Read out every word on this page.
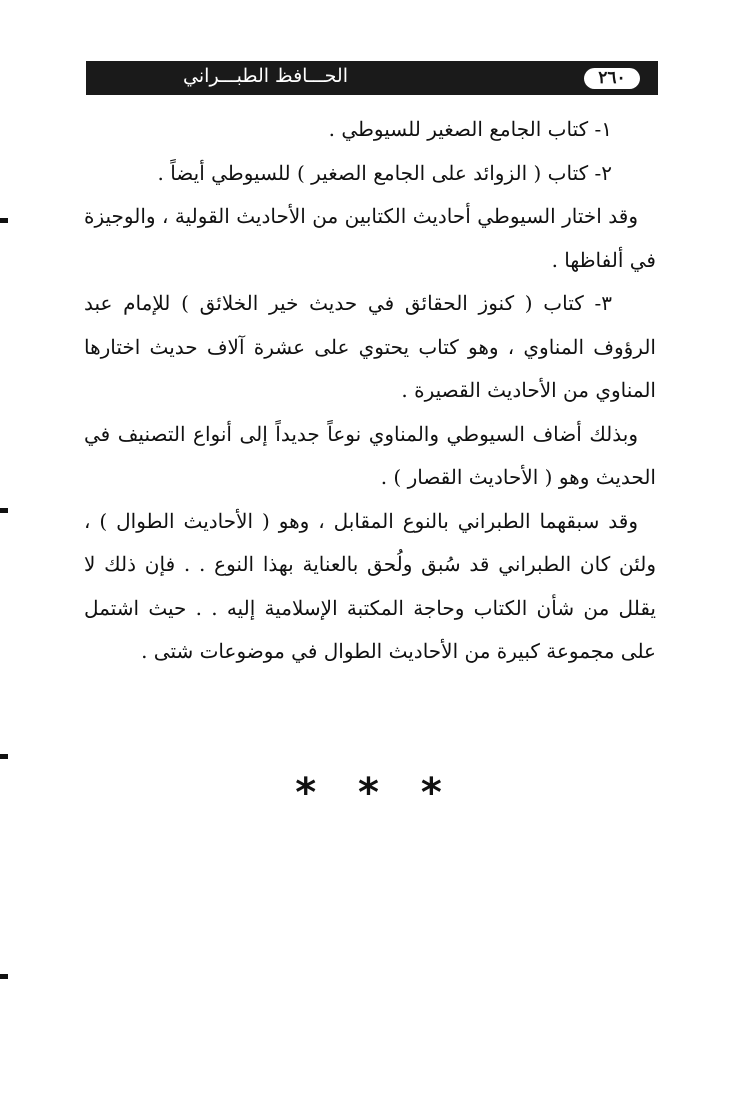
الحـــافظ الطبـــراني	٢٦٠

١- كتاب الجامع الصغير للسيوطي .

٢- كتاب ( الزوائد على الجامع الصغير ) للسيوطي أيضاً .

وقد اختار السيوطي أحاديث الكتابين من الأحاديث القولية ، والوجيزة في ألفاظها .

٣- كتاب ( كنوز الحقائق في حديث خير الخلائق ) للإمام عبد الرؤوف المناوي ، وهو كتاب يحتوي على عشرة آلاف حديث اختارها المناوي من الأحاديث القصيرة .

وبذلك أضاف السيوطي والمناوي نوعاً جديداً إلى أنواع التصنيف في الحديث وهو ( الأحاديث القصار ) .

وقد سبقهما الطبراني بالنوع المقابل ، وهو ( الأحاديث الطوال ) ، ولئن كان الطبراني قد سُبق ولُحق بالعناية بهذا النوع . . فإن ذلك لا يقلل من شأن الكتاب وحاجة المكتبة الإسلامية إليه . . حيث اشتمل على مجموعة كبيرة من الأحاديث الطوال في موضوعات شتى .

* * *
